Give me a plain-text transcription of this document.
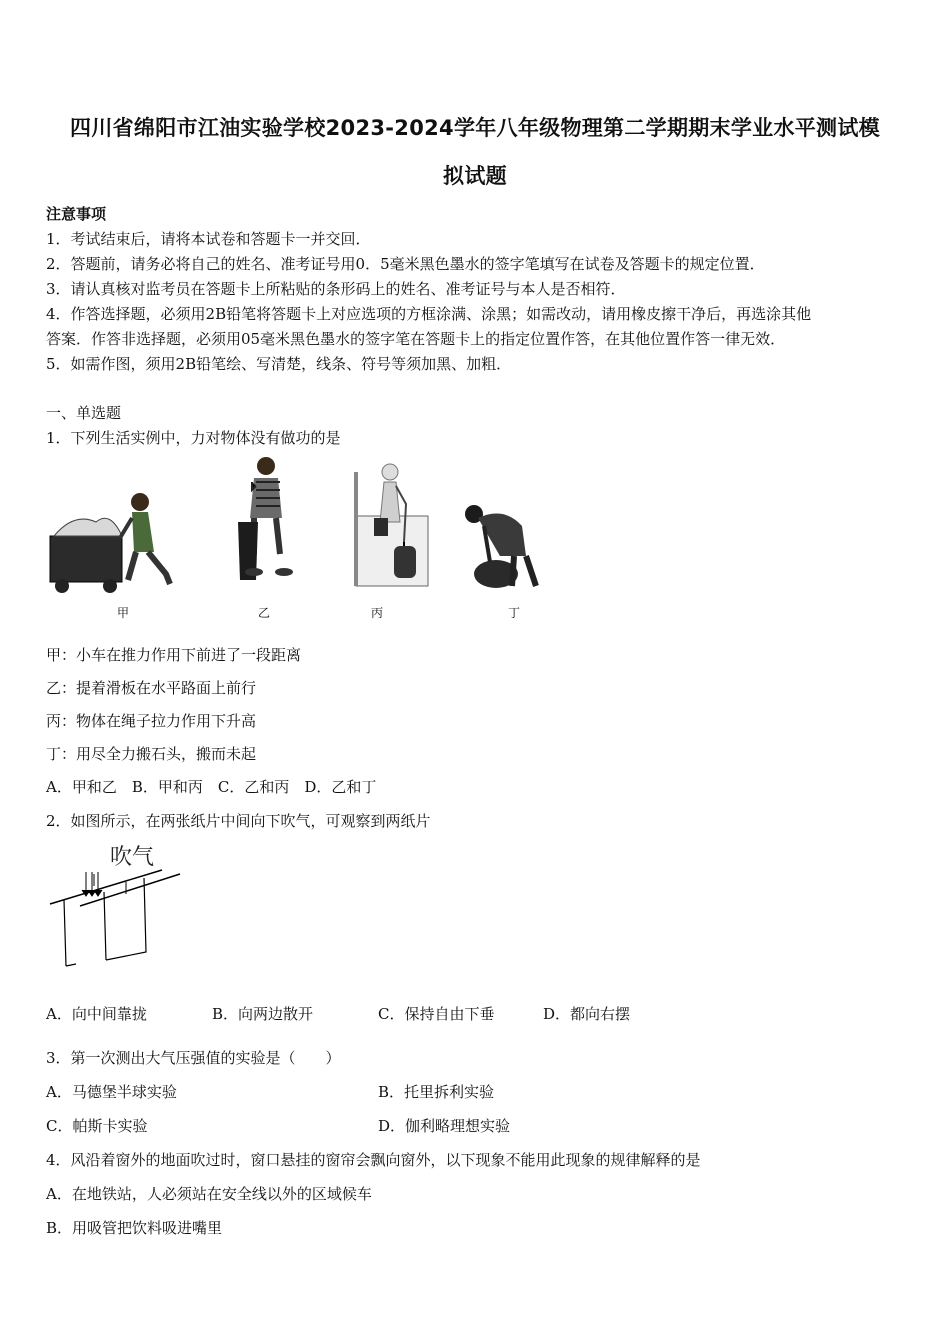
四川省绵阳市江油实验学校2023-2024学年八年级物理第二学期期末学业水平测试模
拟试题
注意事项
1．考试结束后，请将本试卷和答题卡一并交回．
2．答题前，请务必将自己的姓名、准考证号用0．5毫米黑色墨水的签字笔填写在试卷及答题卡的规定位置．
3．请认真核对监考员在答题卡上所粘贴的条形码上的姓名、准考证号与本人是否相符．
4．作答选择题，必须用2B铅笔将答题卡上对应选项的方框涂满、涂黑；如需改动，请用橡皮擦干净后，再选涂其他
答案．作答非选择题，必须用05毫米黑色墨水的签字笔在答题卡上的指定位置作答，在其他位置作答一律无效．
5．如需作图，须用2B铅笔绘、写清楚，线条、符号等须加黑、加粗．
一、单选题
1．下列生活实例中，力对物体没有做功的是
甲	乙	丙	丁
甲：小车在推力作用下前进了一段距离
乙：提着滑板在水平路面上前行
丙：物体在绳子拉力作用下升高
丁：用尽全力搬石头，搬而未起
A．甲和乙　B．甲和丙　C．乙和丙　D．乙和丁
2．如图所示，在两张纸片中间向下吹气，可观察到两纸片
吹气
A．向中间靠拢	B．向两边散开	C．保持自由下垂	D．都向右摆
3．第一次测出大气压强值的实验是（　　）
A．马德堡半球实验	B．托里拆利实验
C．帕斯卡实验	D．伽利略理想实验
4．风沿着窗外的地面吹过时，窗口悬挂的窗帘会飘向窗外，以下现象不能用此现象的规律解释的是
A．在地铁站，人必须站在安全线以外的区域候车
B．用吸管把饮料吸进嘴里
